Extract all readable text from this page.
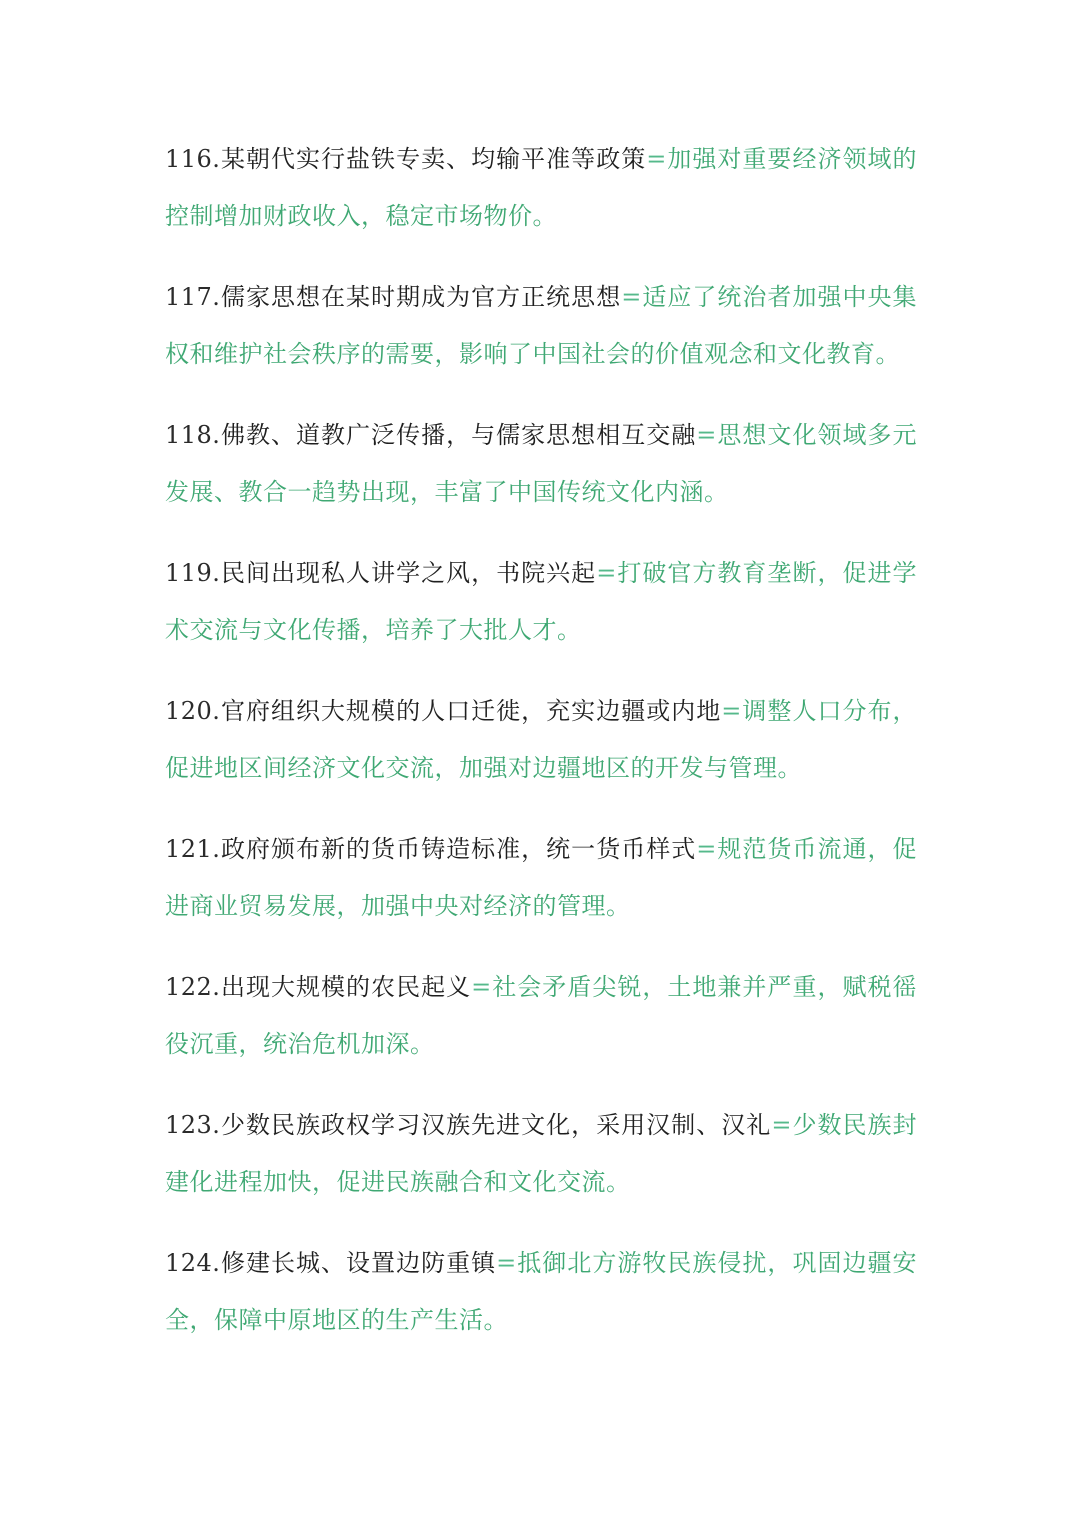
116.某朝代实行盐铁专卖、均输平准等政策=加强对重要经济领域的控制增加财政收入，稳定市场物价。

117.儒家思想在某时期成为官方正统思想=适应了统治者加强中央集权和维护社会秩序的需要，影响了中国社会的价值观念和文化教育。

118.佛教、道教广泛传播，与儒家思想相互交融=思想文化领域多元发展、教合一趋势出现，丰富了中国传统文化内涵。

119.民间出现私人讲学之风，书院兴起=打破官方教育垄断，促进学术交流与文化传播，培养了大批人才。

120.官府组织大规模的人口迁徙，充实边疆或内地=调整人口分布，促进地区间经济文化交流，加强对边疆地区的开发与管理。

121.政府颁布新的货币铸造标准，统一货币样式=规范货币流通，促进商业贸易发展，加强中央对经济的管理。

122.出现大规模的农民起义=社会矛盾尖锐，土地兼并严重，赋税徭役沉重，统治危机加深。

123.少数民族政权学习汉族先进文化，采用汉制、汉礼=少数民族封建化进程加快，促进民族融合和文化交流。

124.修建长城、设置边防重镇=抵御北方游牧民族侵扰，巩固边疆安全，保障中原地区的生产生活。
